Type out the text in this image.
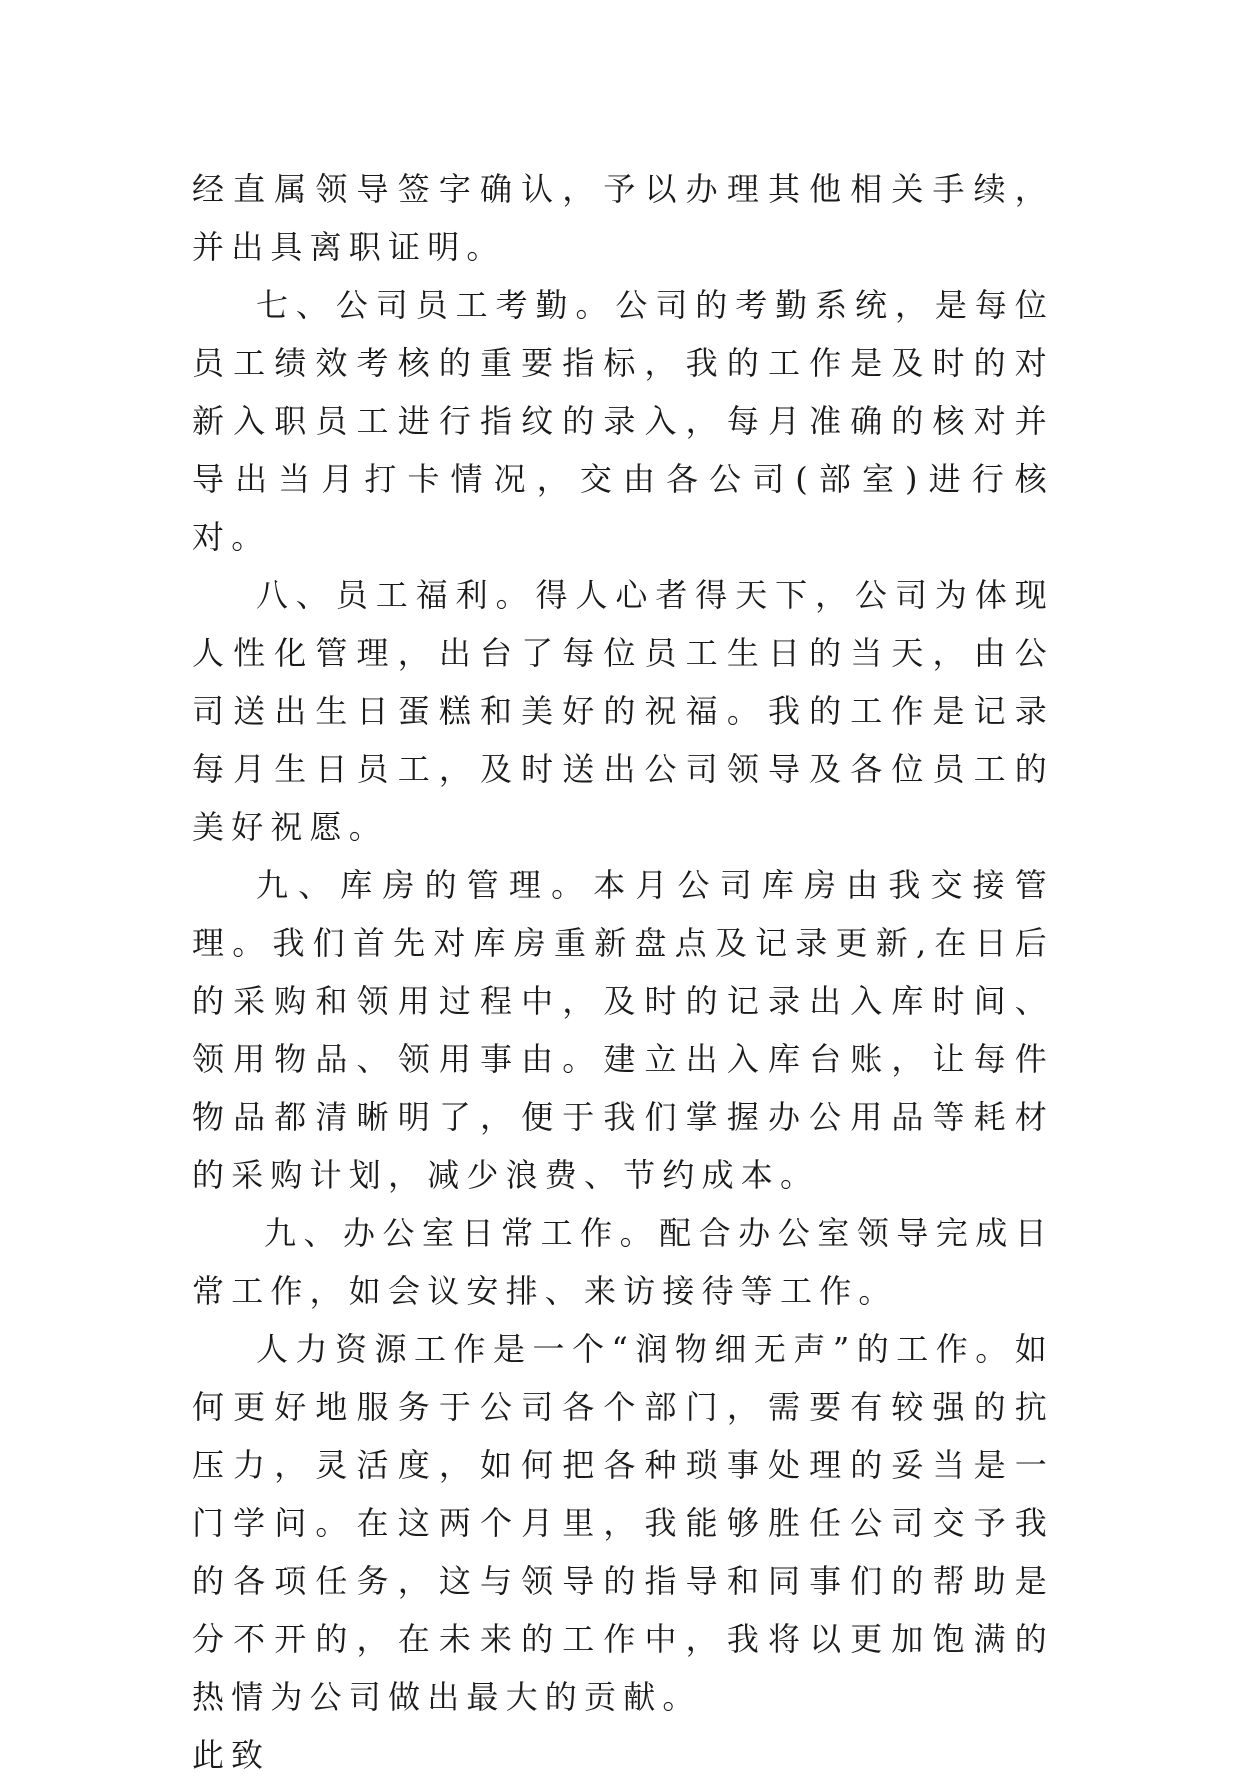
经直属领导签字确认，予以办理其他相关手续，并出具离职证明。

七、公司员工考勤。公司的考勤系统，是每位员工绩效考核的重要指标，我的工作是及时的对新入职员工进行指纹的录入，每月准确的核对并导出当月打卡情况，交由各公司(部室)进行核对。

八、员工福利。得人心者得天下，公司为体现人性化管理，出台了每位员工生日的当天，由公司送出生日蛋糕和美好的祝福。我的工作是记录每月生日员工，及时送出公司领导及各位员工的美好祝愿。

九、库房的管理。本月公司库房由我交接管理。我们首先对库房重新盘点及记录更新,在日后的采购和领用过程中，及时的记录出入库时间、领用物品、领用事由。建立出入库台账，让每件物品都清晰明了，便于我们掌握办公用品等耗材的采购计划，减少浪费、节约成本。

九、办公室日常工作。配合办公室领导完成日常工作，如会议安排、来访接待等工作。

人力资源工作是一个“润物细无声”的工作。如何更好地服务于公司各个部门，需要有较强的抗压力，灵活度，如何把各种琐事处理的妥当是一门学问。在这两个月里，我能够胜任公司交予我的各项任务，这与领导的指导和同事们的帮助是分不开的，在未来的工作中，我将以更加饱满的热情为公司做出最大的贡献。

此致
